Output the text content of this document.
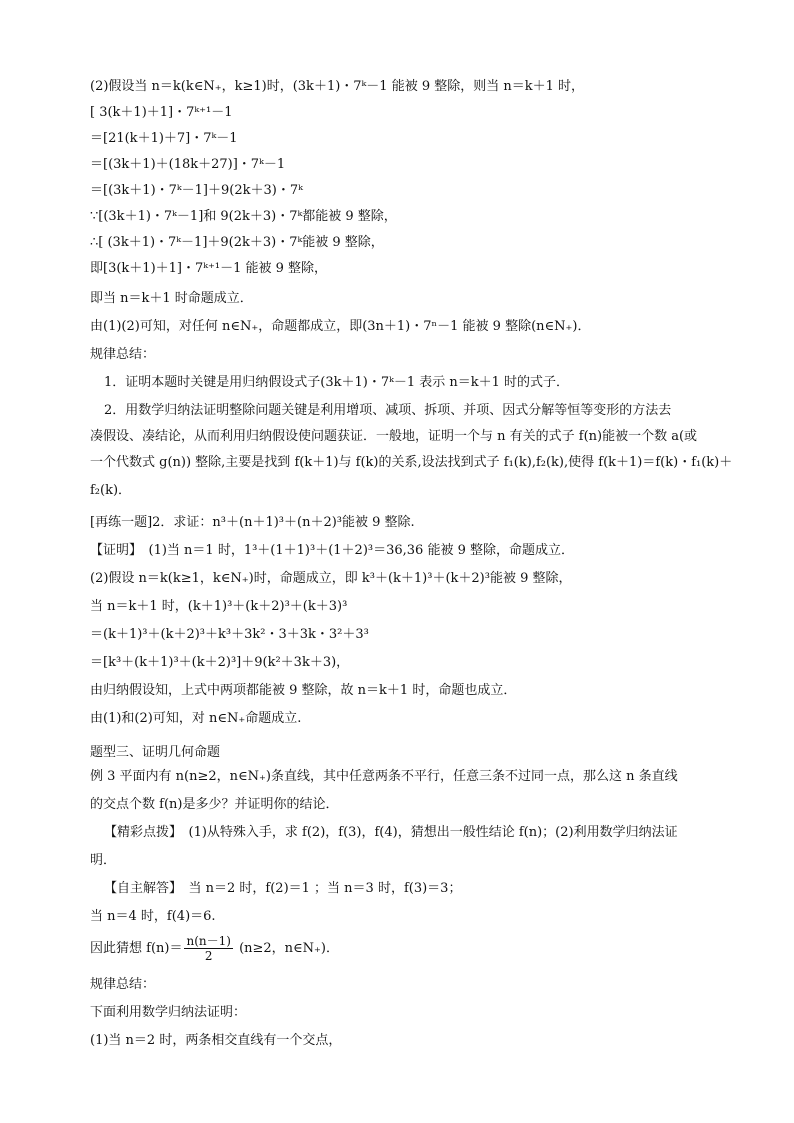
因此猜想 $f(n)= \frac{n(n-1)}{2} (n\ge 2$，n∈N₊)．
(2)假设当 n＝k(k∈N₊，k≥1)时，(3k＋1)・7ᵏ－1 能被 9 整除，则当 n＝k＋1 时，
[ 3(k＋1)＋1]・7ᵏ⁺¹－1
＝[21(k＋1)＋7]・7ᵏ－1
＝[(3k＋1)＋(18k＋27)]・7ᵏ－1
＝[(3k＋1)・7ᵏ－1]＋9(2k＋3)・7ᵏ
∵[(3k＋1)・7ᵏ－1]和 9(2k＋3)・7ᵏ都能被 9 整除，
∴[ (3k＋1)・7ᵏ－1]＋9(2k＋3)・7ᵏ能被 9 整除，
即[3(k＋1)＋1]・7ᵏ⁺¹－1 能被 9 整除，
即当 n＝k＋1 时命题成立．
由(1)(2)可知，对任何 n∈N₊，命题都成立，即(3n＋1)・7ⁿ－1 能被 9 整除(n∈N₊)．
规律总结：
1．证明本题时关键是用归纳假设式子(3k＋1)・7ᵏ－1 表示 n＝k＋1 时的式子．
2．用数学归纳法证明整除问题关键是利用增项、减项、拆项、并项、因式分解等恒等变形的方法去
凑假设、凑结论，从而利用归纳假设使问题获证．一般地，证明一个与 n 有关的式子 f(n)能被一个数 a(或
一个代数式 g(n)) 整除,主要是找到 f(k＋1)与 f(k)的关系,设法找到式子 f₁(k),f₂(k),使得 f(k＋1)＝f(k)・f₁(k)＋
f₂(k)．
[再练一题]2．求证：n³＋(n＋1)³＋(n＋2)³能被 9 整除.
【证明】　(1)当 n＝1 时，1³＋(1＋1)³＋(1＋2)³＝36,36 能被 9 整除，命题成立．
(2)假设 n＝k(k≥1，k∈N₊)时，命题成立，即 k³＋(k＋1)³＋(k＋2)³能被 9 整除，
当 n＝k＋1 时，(k＋1)³＋(k＋2)³＋(k＋3)³
＝(k＋1)³＋(k＋2)³＋k³＋3k²・3＋3k・3²＋3³
＝[k³＋(k＋1)³＋(k＋2)³]＋9(k²＋3k＋3)，
由归纳假设知，上式中两项都能被 9 整除，故 n＝k＋1 时，命题也成立．
由(1)和(2)可知，对 n∈N₊命题成立.
题型三、证明几何命题
例 3 平面内有 n(n≥2，n∈N₊)条直线，其中任意两条不平行，任意三条不过同一点，那么这 n 条直线
的交点个数 f(n)是多少？并证明你的结论．
【精彩点拨】　(1)从特殊入手，求 f(2)，f(3)，f(4)，猜想出一般性结论 f(n)；(2)利用数学归纳法证
明．
【自主解答】　当 n＝2 时，f(2)＝1 ；当 n＝3 时，f(3)＝3；
当 n＝4 时，f(4)＝6.
规律总结：
下面利用数学归纳法证明：
(1)当 n＝2 时，两条相交直线有一个交点，
